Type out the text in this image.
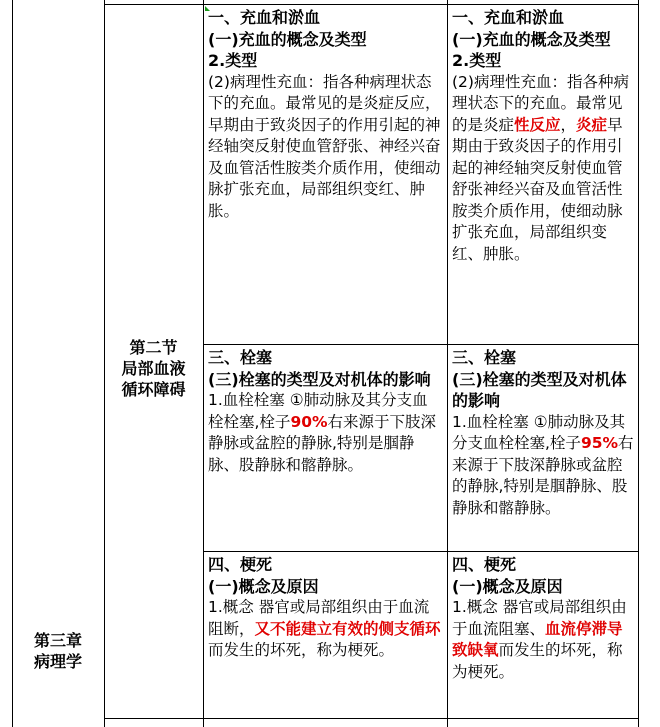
第三章
病理学
第二节
局部血液
循环障碍
一、充血和淤血
(一)充血的概念及类型
2.类型
(2)病理性充血：指各种病理状态下的充血。最常见的是炎症反应，早期由于致炎因子的作用引起的神经轴突反射使血管舒张、神经兴奋及血管活性胺类介质作用，使细动脉扩张充血，局部组织变红、肿胀。
一、充血和淤血
(一)充血的概念及类型
2.类型
(2)病理性充血：指各种病理状态下的充血。最常见的是炎症性反应，炎症早期由于致炎因子的作用引起的神经轴突反射使血管舒张神经兴奋及血管活性胺类介质作用，使细动脉扩张充血，局部组织变红、肿胀。
三、栓塞
(三)栓塞的类型及对机体的影响
1.血栓栓塞 ①肺动脉及其分支血栓栓塞,栓子90%右来源于下肢深静脉或盆腔的静脉,特别是腘静脉、股静脉和髂静脉。
三、栓塞
(三)栓塞的类型及对机体的影响
1.血栓栓塞 ①肺动脉及其分支血栓栓塞,栓子95%右来源于下肢深静脉或盆腔的静脉,特别是腘静脉、股静脉和髂静脉。
四、梗死
(一)概念及原因
1.概念 器官或局部组织由于血流阻断，又不能建立有效的侧支循环而发生的坏死，称为梗死。
四、梗死
(一)概念及原因
1.概念 器官或局部组织由于血流阻塞、血流停滞导致缺氧而发生的坏死，称为梗死。
